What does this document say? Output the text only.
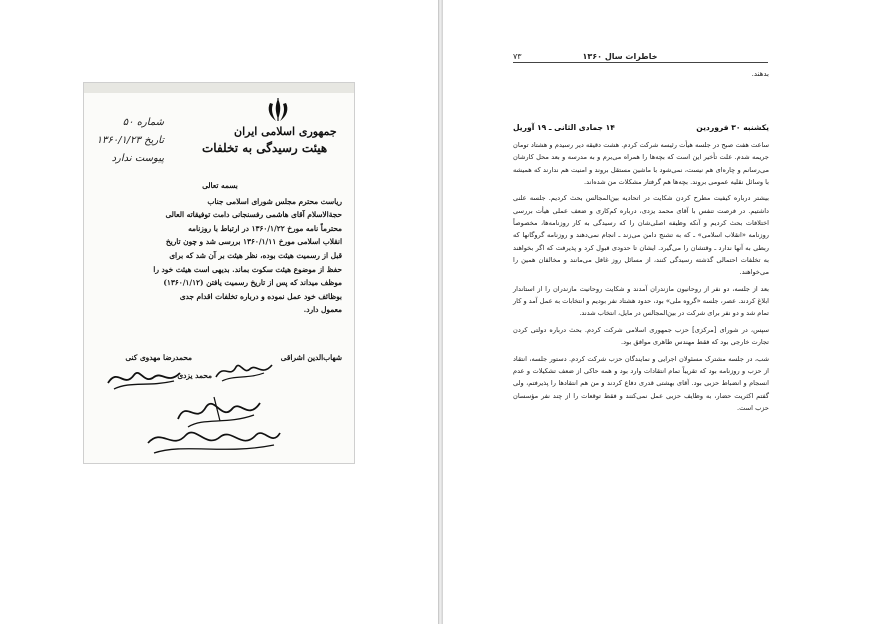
جمهوری اسلامی ایران
هیئت رسیدگی به تخلفات
شماره ۵۰
تاریخ ۱۳۶۰/۱/۲۳
پیوست ندارد

بسمه تعالی

ریاست محترم مجلس شورای اسلامی جناب

حجة‌الاسلام آقای هاشمی رفسنجانی دامت توفیقاته العالی

محترماً نامه مورخ ۱۳۶۰/۱/۲۲ در ارتباط با روزنامه

انقلاب اسلامی مورخ ۱۳۶۰/۱/۱۱ بررسی شد و چون تاریخ

قبل از رسمیت هیئت بوده، نظر هیئت بر آن شد که برای

حفظ از موضوع هیئت سکوت بماند. بدیهی است هیئت خود را

موظف میداند که پس از تاریخ رسمیت یافتن (۱۳۶۰/۱/۱۲)

بوظائف خود عمل نموده و درباره تخلفات اقدام جدی

معمول دارد.

محمدرضا مهدوی کنی	شهاب‌الدین اشراقی
محمد یزدی
۷۳	خاطرات سال ۱۳۶۰
بدهند.
یکشنبه ۳۰ فروردین
۱۴ جمادی الثانی ـ ۱۹ آوریل

ساعت هفت صبح در جلسه هیأت رئیسه شرکت کردم. هشت دقیقه دیر رسیدم و هشتاد تومان جریمه شدم. علت تأخیر این است که بچه‌ها را همراه می‌برم و به مدرسه و بعد محل کارشان می‌رسانم و چاره‌ای هم نیست، نمی‌شود با ماشین مستقل بروند و امنیت هم ندارند که همیشه با وسائل نقلیه عمومی بروند. بچه‌ها هم گرفتار مشکلات من شده‌اند.

بیشتر درباره کیفیت مطرح کردن شکایت در اتحادیه بین‌المجالس بحث کردیم. جلسه علنی داشتیم. در فرصت تنفس با آقای محمد یزدی، درباره کم‌کاری و ضعف عملی هیأت بررسی اختلافات بحث کردیم و آنکه وظیفه اصلی‌شان را که رسیدگی به کار روزنامه‌ها، مخصوصاً روزنامه «انقلاب اسلامی» ـ که به تشنج دامن می‌زند ـ انجام نمی‌دهند و روزنامه گروگانها که ربطی به آنها ندارد ـ وقتشان را می‌گیرد. ایشان تا حدودی قبول کرد و پذیرفت که اگر بخواهند به تخلفات احتمالی گذشته رسیدگی کنند، از مسائل روز غافل می‌مانند و مخالفان همین را می‌خواهند.

بعد از جلسه، دو نفر از روحانیون مازندران آمدند و شکایت روحانیت مازندران را از استاندار ابلاغ کردند. عصر، جلسه «گروه ملی» بود، حدود هشتاد نفر بودیم و انتخابات به عمل آمد و کار تمام شد و دو نفر برای شرکت در بین‌المجالس در مایل، انتخاب شدند.

سپس، در شورای [مرکزی] حزب جمهوری اسلامی شرکت کردم. بحث درباره دولتی کردن تجارت خارجی بود که فقط مهندس طاهری موافق بود.

شب، در جلسه مشترک مسئولان اجرایی و نمایندگان حزب شرکت کردم. دستور جلسه، انتقاد از حزب و روزنامه بود که تقریباً تمام انتقادات وارد بود و همه حاکی از ضعف تشکیلات و عدم انسجام و انضباط حزبی بود. آقای بهشتی قدری دفاع کردند و من هم انتقادها را پذیرفتم، ولی گفتم اکثریت حضار، به وظایف حزبی عمل نمی‌کنند و فقط توقعات را از چند نفر مؤسسان حزب است.
